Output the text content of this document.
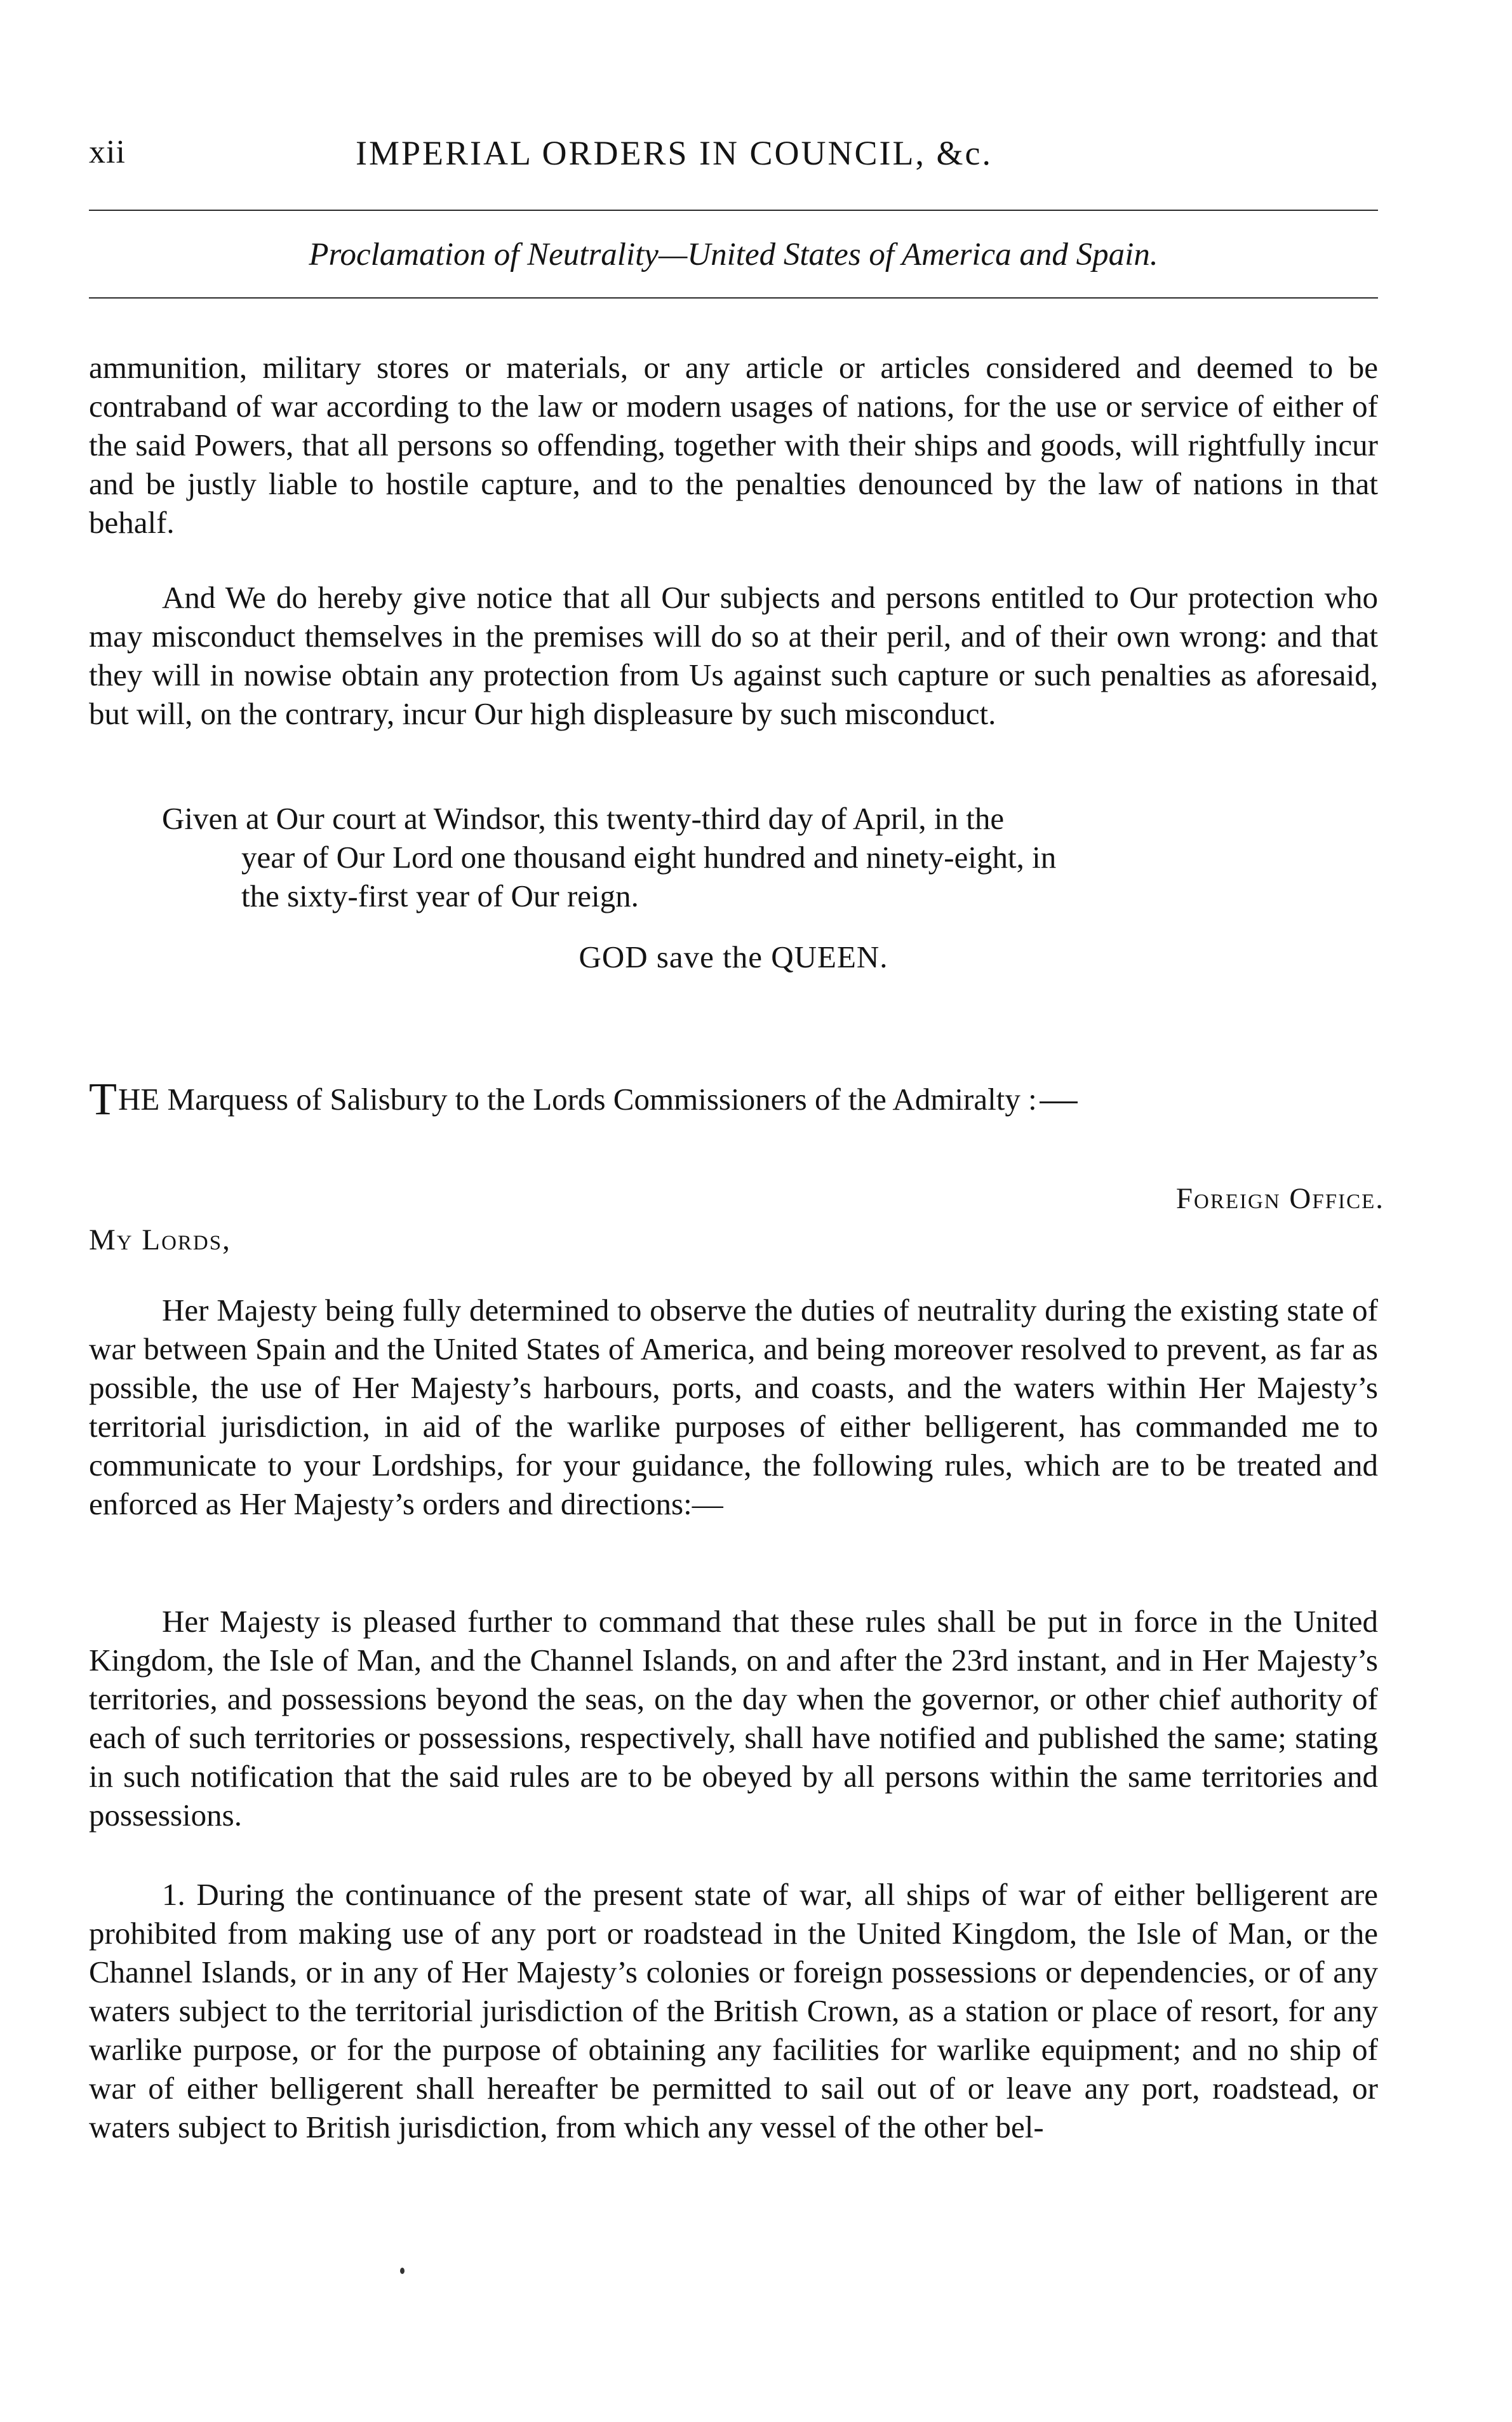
xii	IMPERIAL ORDERS IN COUNCIL, &c.
Proclamation of Neutrality—United States of America and Spain.

ammunition, military stores or materials, or any article or articles considered and deemed to be contraband of war according to the law or modern usages of nations, for the use or service of either of the said Powers, that all persons so offending, together with their ships and goods, will rightfully incur and be justly liable to hostile capture, and to the penalties denounced by the law of nations in that behalf.

And We do hereby give notice that all Our subjects and persons entitled to Our protection who may misconduct themselves in the premises will do so at their peril, and of their own wrong: and that they will in nowise obtain any protection from Us against such capture or such penalties as aforesaid, but will, on the contrary, incur Our high displeasure by such misconduct.

Given at Our court at Windsor, this twenty-third day of April, in the
year of Our Lord one thousand eight hundred and ninety-eight, in
the sixty-first year of Our reign.
GOD save the QUEEN.
THE Marquess of Salisbury to the Lords Commissioners of the Admiralty :
Foreign Office.
My Lords,

Her Majesty being fully determined to observe the duties of neutrality during the existing state of war between Spain and the United States of America, and being moreover resolved to prevent, as far as possible, the use of Her Majesty’s harbours, ports, and coasts, and the waters within Her Majesty’s territorial jurisdiction, in aid of the warlike purposes of either belligerent, has commanded me to communicate to your Lordships, for your guidance, the following rules, which are to be treated and enforced as Her Majesty’s orders and directions:—

Her Majesty is pleased further to command that these rules shall be put in force in the United Kingdom, the Isle of Man, and the Channel Islands, on and after the 23rd instant, and in Her Majesty’s territories, and possessions beyond the seas, on the day when the governor, or other chief authority of each of such territories or possessions, respectively, shall have notified and published the same; stating in such notification that the said rules are to be obeyed by all persons within the same territories and possessions.

1. During the continuance of the present state of war, all ships of war of either belligerent are prohibited from making use of any port or roadstead in the United Kingdom, the Isle of Man, or the Channel Islands, or in any of Her Majesty’s colonies or foreign possessions or dependencies, or of any waters subject to the territorial jurisdiction of the British Crown, as a station or place of resort, for any warlike purpose, or for the purpose of obtaining any facilities for warlike equipment; and no ship of war of either belligerent shall hereafter be permitted to sail out of or leave any port, roadstead, or waters subject to British jurisdiction, from which any vessel of the other bel-
